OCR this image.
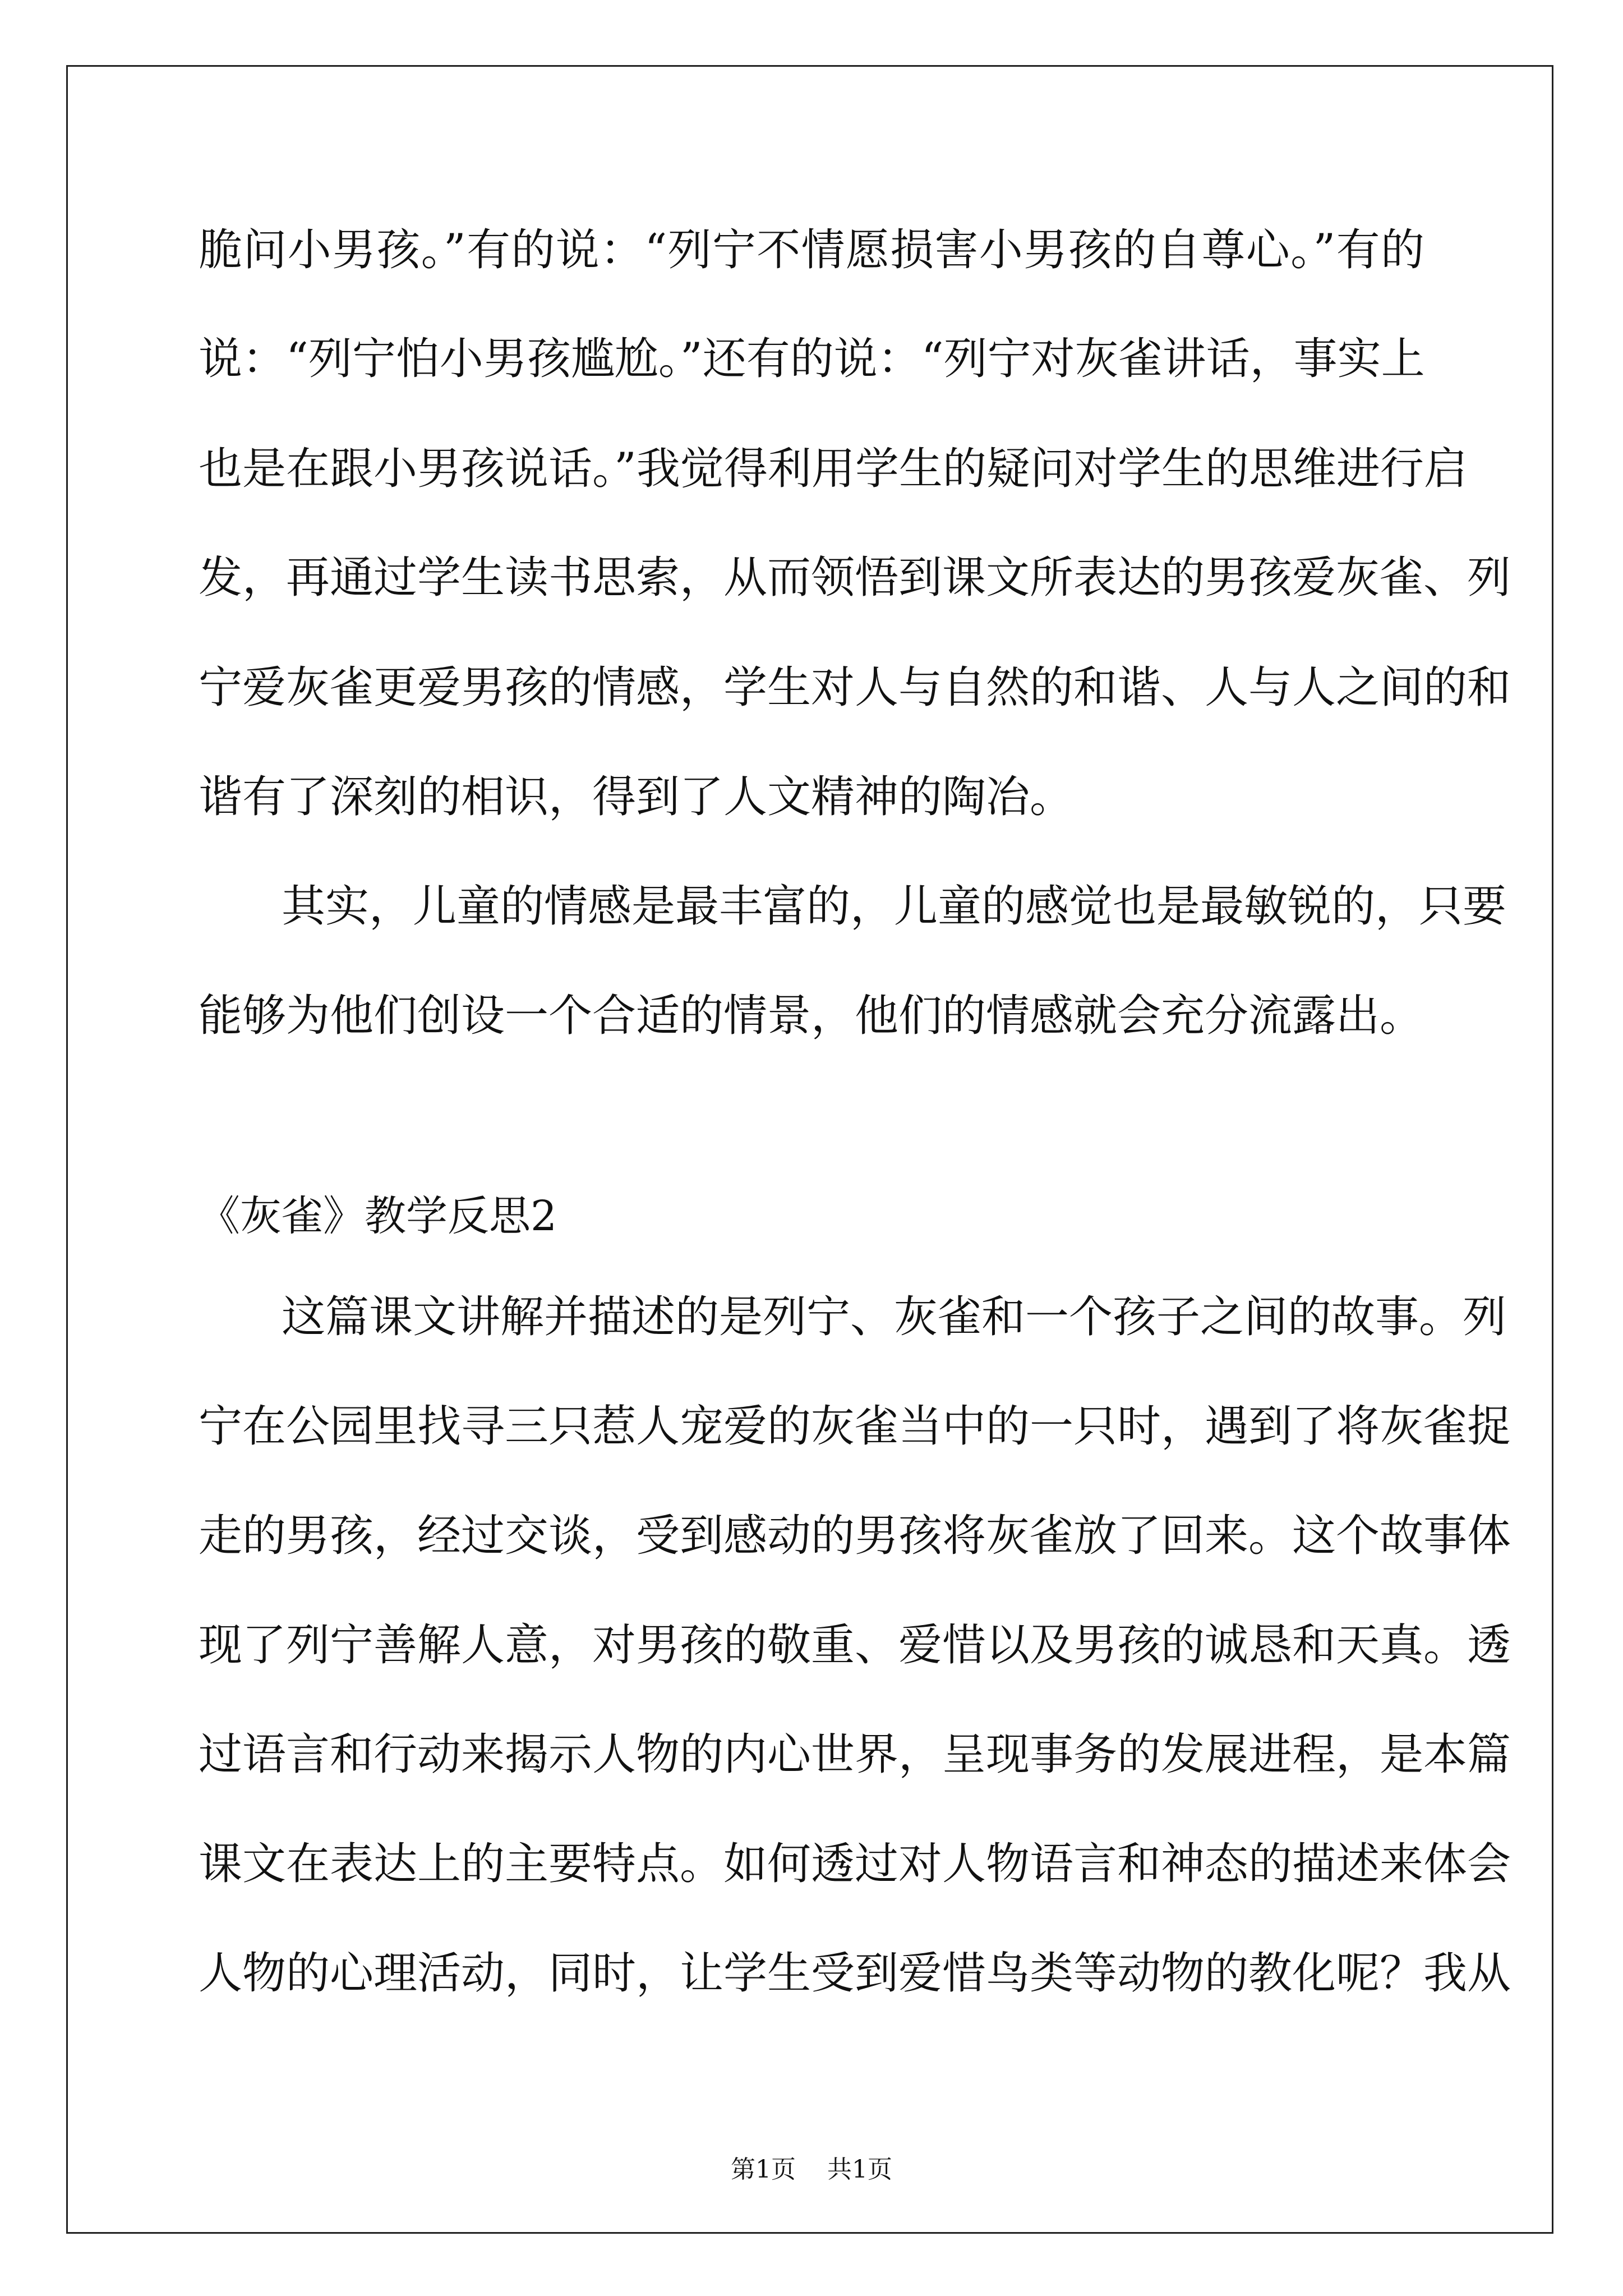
脆问小男孩。”有的说：“列宁不情愿损害小男孩的自尊心。”有的
说：“列宁怕小男孩尴尬。”还有的说：“列宁对灰雀讲话，事实上
也是在跟小男孩说话。”我觉得利用学生的疑问对学生的思维进行启
发，再通过学生读书思索，从而领悟到课文所表达的男孩爱灰雀、列
宁爱灰雀更爱男孩的情感，学生对人与自然的和谐、人与人之间的和
谐有了深刻的相识，得到了人文精神的陶冶。
其实，儿童的情感是最丰富的，儿童的感觉也是最敏锐的，只要
能够为他们创设一个合适的情景，他们的情感就会充分流露出。
《灰雀》教学反思2
这篇课文讲解并描述的是列宁、灰雀和一个孩子之间的故事。列
宁在公园里找寻三只惹人宠爱的灰雀当中的一只时，遇到了将灰雀捉
走的男孩，经过交谈，受到感动的男孩将灰雀放了回来。这个故事体
现了列宁善解人意，对男孩的敬重、爱惜以及男孩的诚恳和天真。透
过语言和行动来揭示人物的内心世界，呈现事务的发展进程，是本篇
课文在表达上的主要特点。如何透过对人物语言和神态的描述来体会
人物的心理活动，同时，让学生受到爱惜鸟类等动物的教化呢？我从
第1页    共1页
